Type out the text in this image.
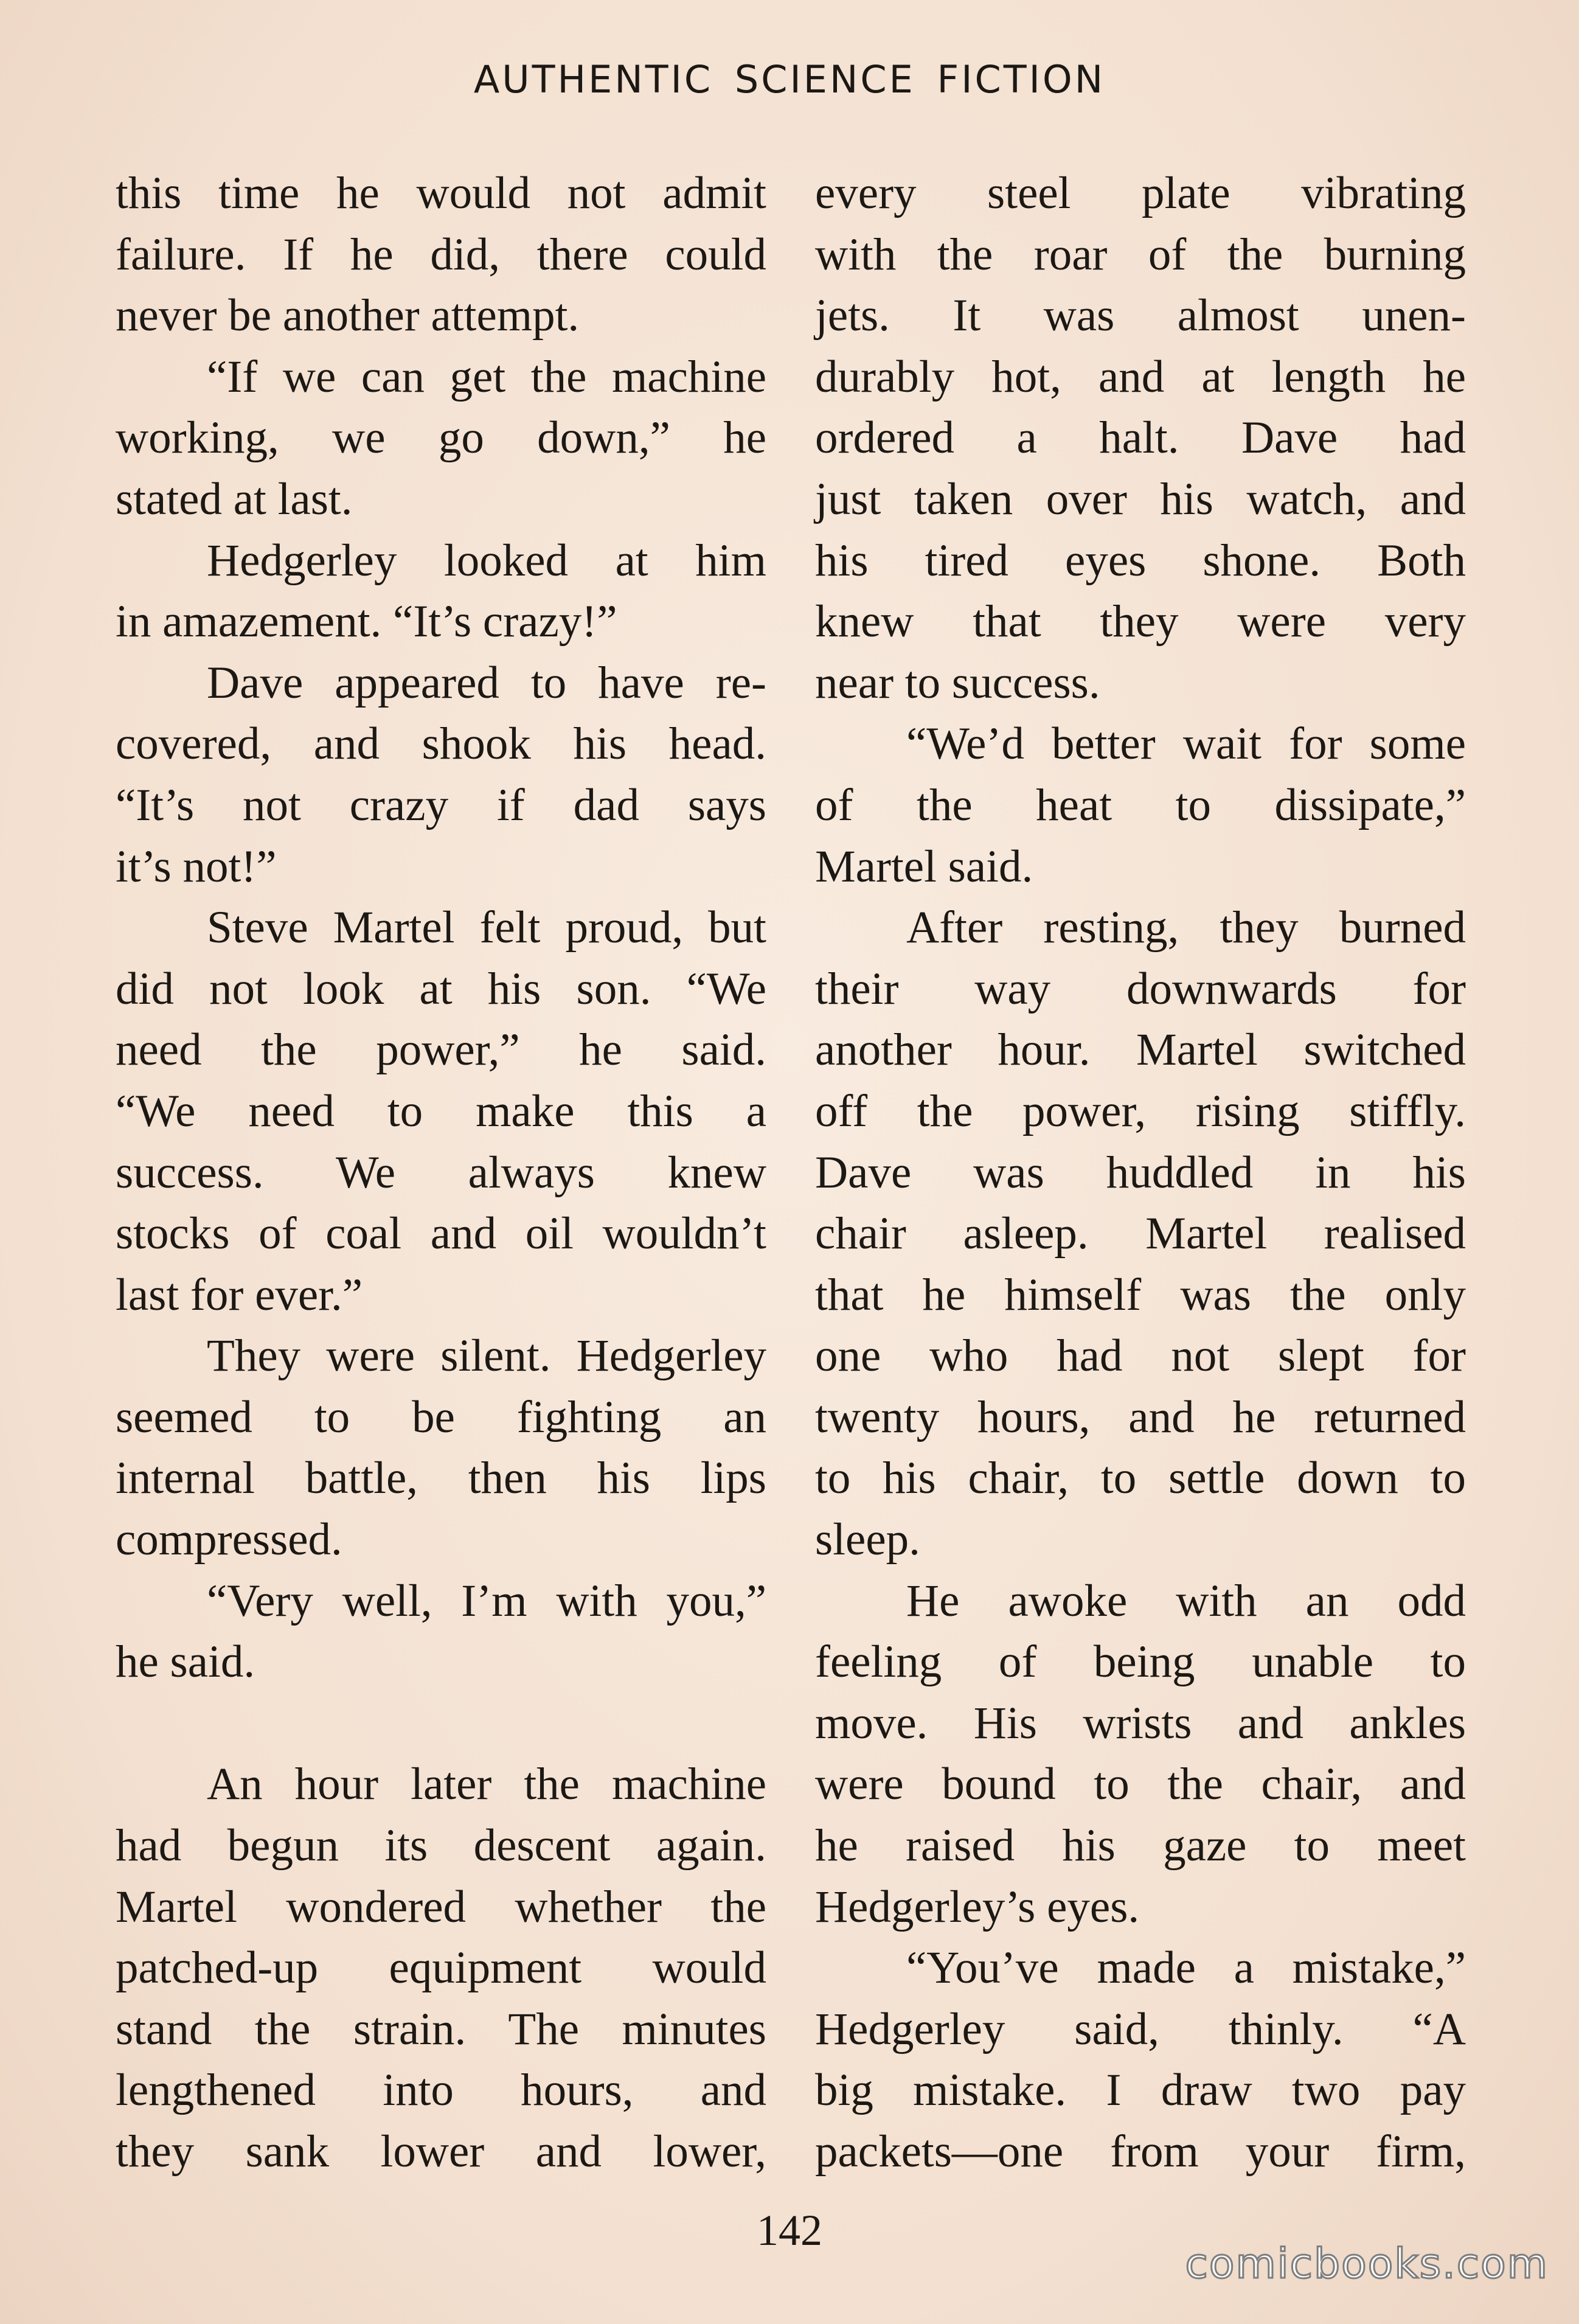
AUTHENTIC SCIENCE FICTION
this time he would not admit
failure. If he did, there could
never be another attempt.
  “If we can get the machine
working, we go down,” he
stated at last.
  Hedgerley looked at him
in amazement. “It’s crazy!”
  Dave appeared to have re-
covered, and shook his head.
“It’s not crazy if dad says
it’s not!”
  Steve Martel felt proud, but
did not look at his son. “We
need the power,” he said.
“We need to make this a
success. We always knew
stocks of coal and oil wouldn’t
last for ever.”
  They were silent. Hedgerley
seemed to be fighting an
internal battle, then his lips
compressed.
  “Very well, I’m with you,”
he said.
  An hour later the machine
had begun its descent again.
Martel wondered whether the
patched-up equipment would
stand the strain. The minutes
lengthened into hours, and
they sank lower and lower,
every steel plate vibrating
with the roar of the burning
jets. It was almost unen-
durably hot, and at length he
ordered a halt. Dave had
just taken over his watch, and
his tired eyes shone. Both
knew that they were very
near to success.
  “We’d better wait for some
of the heat to dissipate,”
Martel said.
  After resting, they burned
their way downwards for
another hour. Martel switched
off the power, rising stiffly.
Dave was huddled in his
chair asleep. Martel realised
that he himself was the only
one who had not slept for
twenty hours, and he returned
to his chair, to settle down to
sleep.
  He awoke with an odd
feeling of being unable to
move. His wrists and ankles
were bound to the chair, and
he raised his gaze to meet
Hedgerley’s eyes.
  “You’ve made a mistake,”
Hedgerley said, thinly. “A
big mistake. I draw two pay
packets—one from your firm,
142
comicbooks.com
